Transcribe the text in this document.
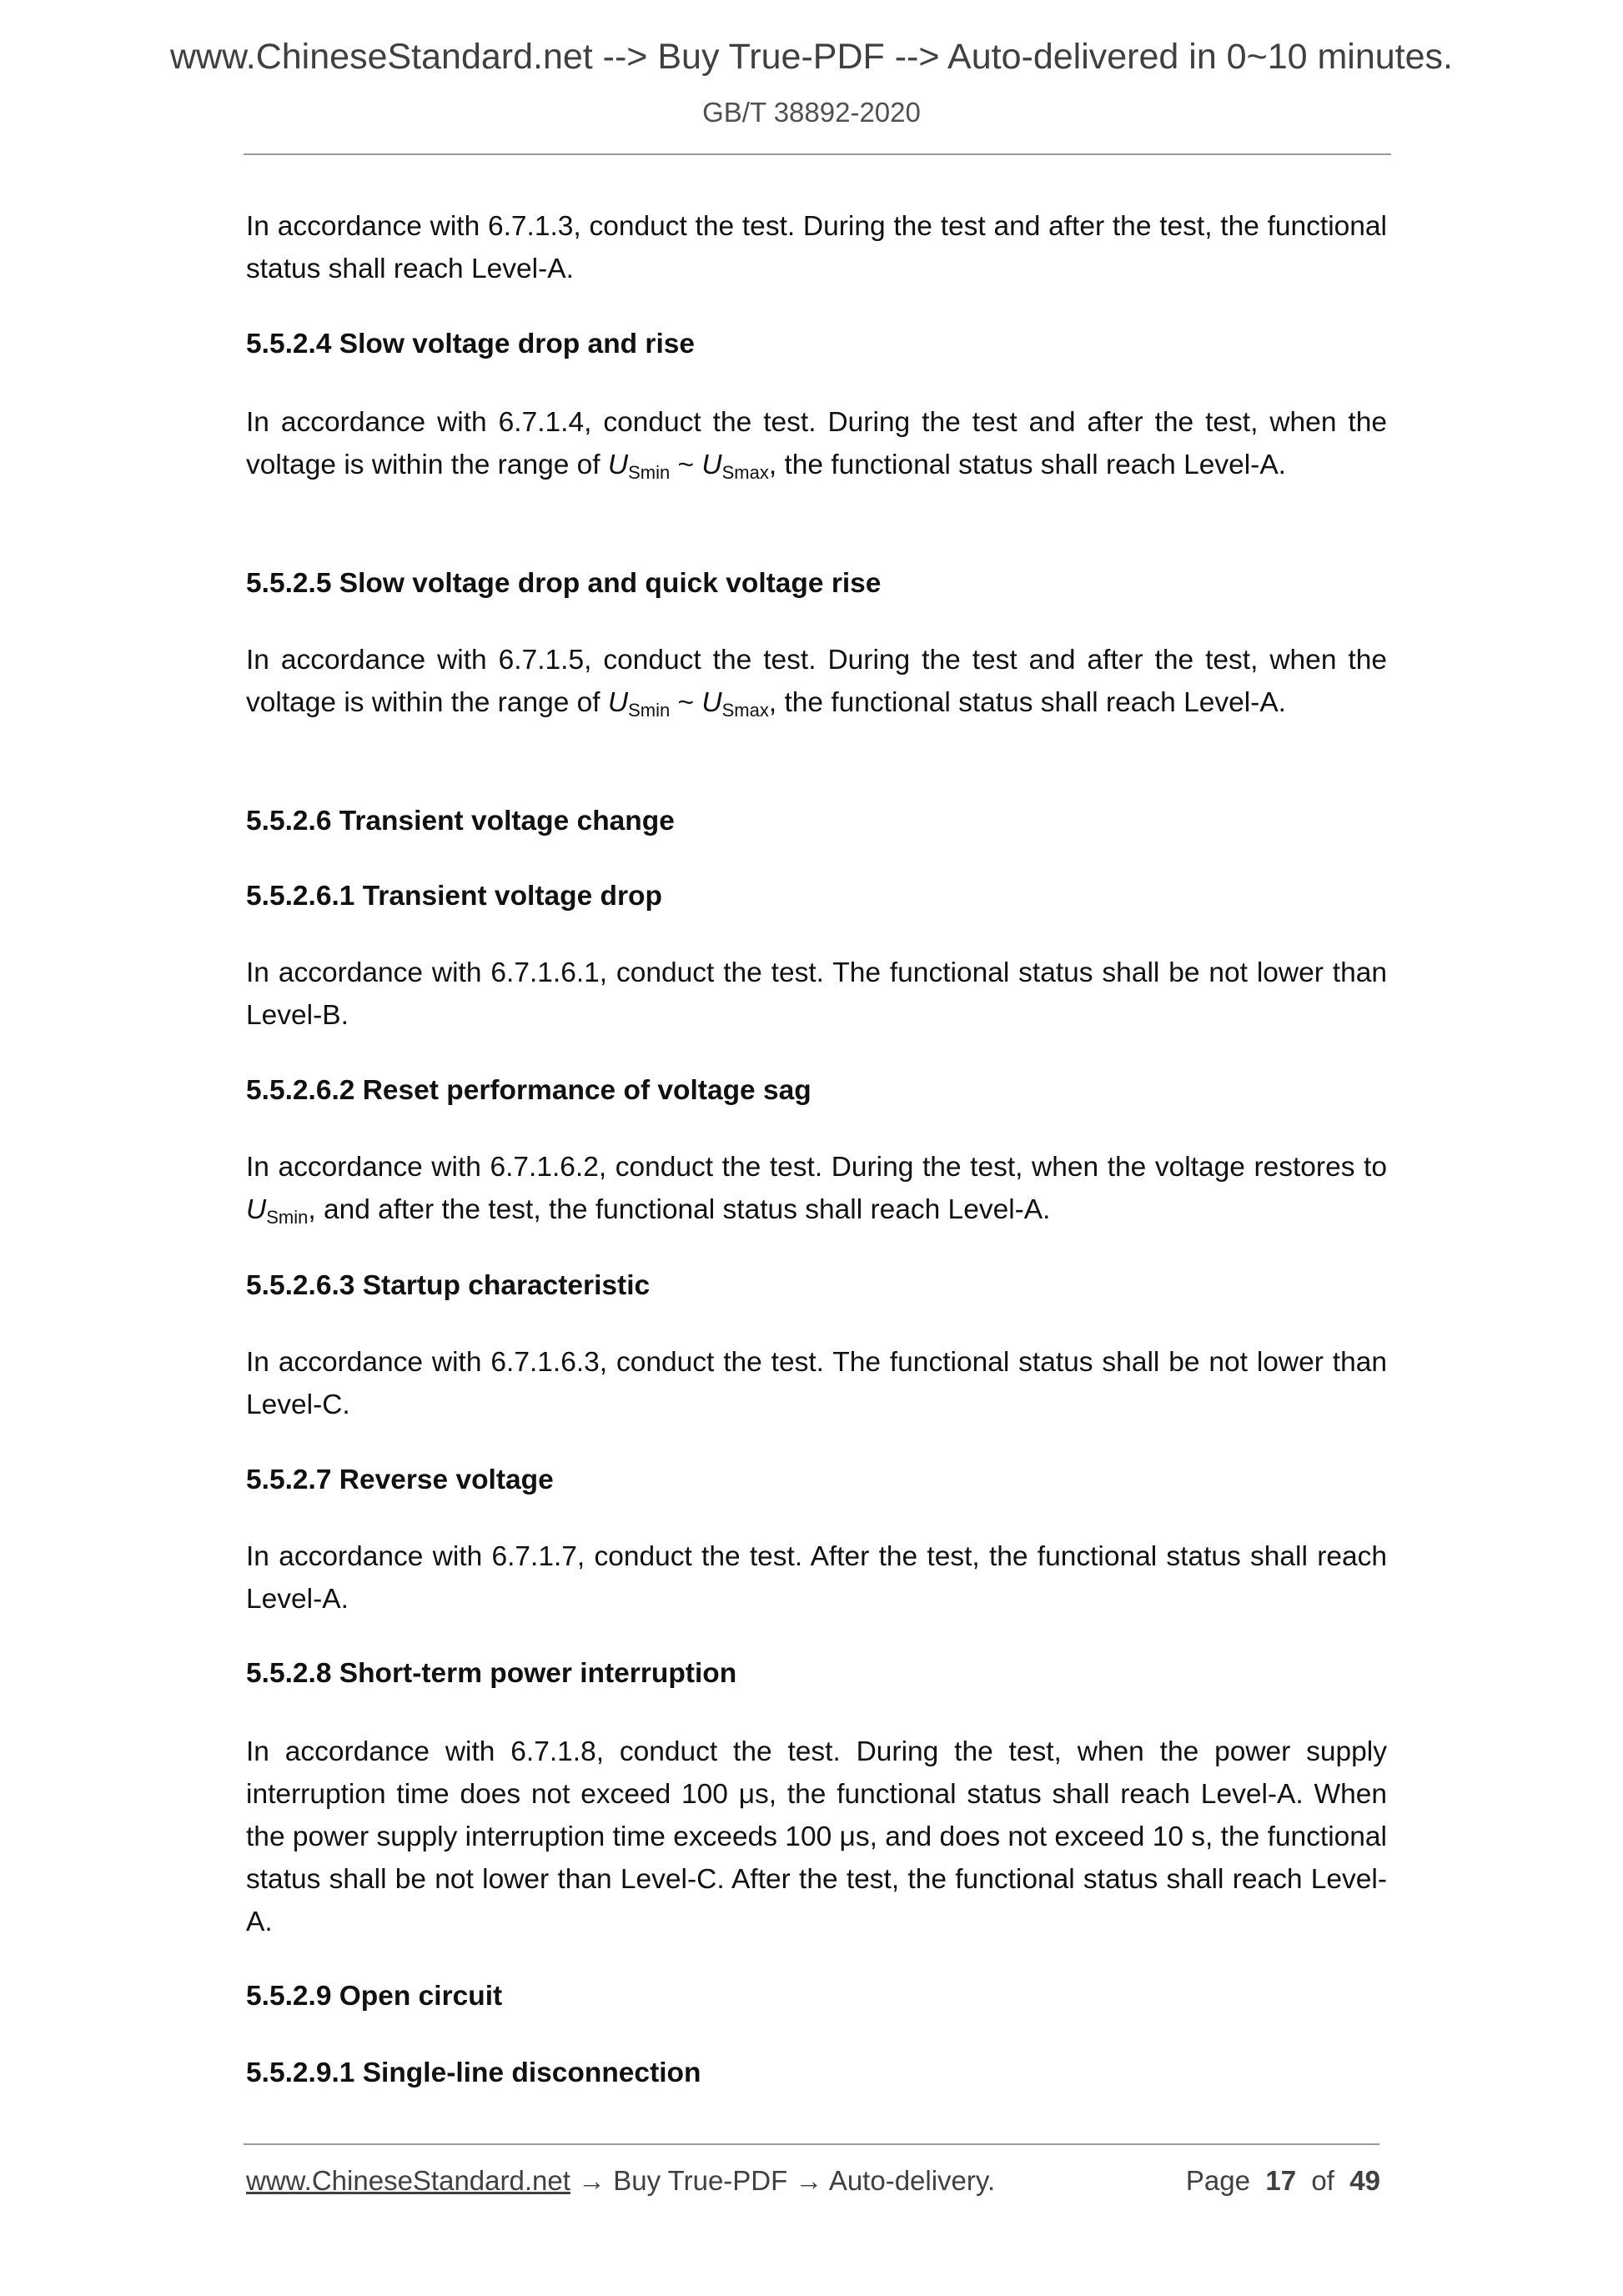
www.ChineseStandard.net --> Buy True-PDF --> Auto-delivered in 0~10 minutes.
GB/T 38892-2020
In accordance with 6.7.1.3, conduct the test. During the test and after the test, the functional status shall reach Level-A.
5.5.2.4 Slow voltage drop and rise
In accordance with 6.7.1.4, conduct the test. During the test and after the test, when the voltage is within the range of $U_{Smin}$ ~ $U_{Smax}$, the functional status shall reach Level-A.
5.5.2.5 Slow voltage drop and quick voltage rise
In accordance with 6.7.1.5, conduct the test. During the test and after the test, when the voltage is within the range of $U_{Smin}$ ~ $U_{Smax}$, the functional status shall reach Level-A.
5.5.2.6 Transient voltage change
5.5.2.6.1 Transient voltage drop
In accordance with 6.7.1.6.1, conduct the test. The functional status shall be not lower than Level-B.
5.5.2.6.2 Reset performance of voltage sag
In accordance with 6.7.1.6.2, conduct the test. During the test, when the voltage restores to $U_{Smin}$, and after the test, the functional status shall reach Level-A.
5.5.2.6.3 Startup characteristic
In accordance with 6.7.1.6.3, conduct the test. The functional status shall be not lower than Level-C.
5.5.2.7 Reverse voltage
In accordance with 6.7.1.7, conduct the test. After the test, the functional status shall reach Level-A.
5.5.2.8 Short-term power interruption
In accordance with 6.7.1.8, conduct the test. During the test, when the power supply interruption time does not exceed 100 μs, the functional status shall reach Level-A. When the power supply interruption time exceeds 100 μs, and does not exceed 10 s, the functional status shall be not lower than Level-C. After the test, the functional status shall reach Level-A.
5.5.2.9 Open circuit
5.5.2.9.1 Single-line disconnection
www.ChineseStandard.net → Buy True-PDF → Auto-delivery.	Page 17 of 49
